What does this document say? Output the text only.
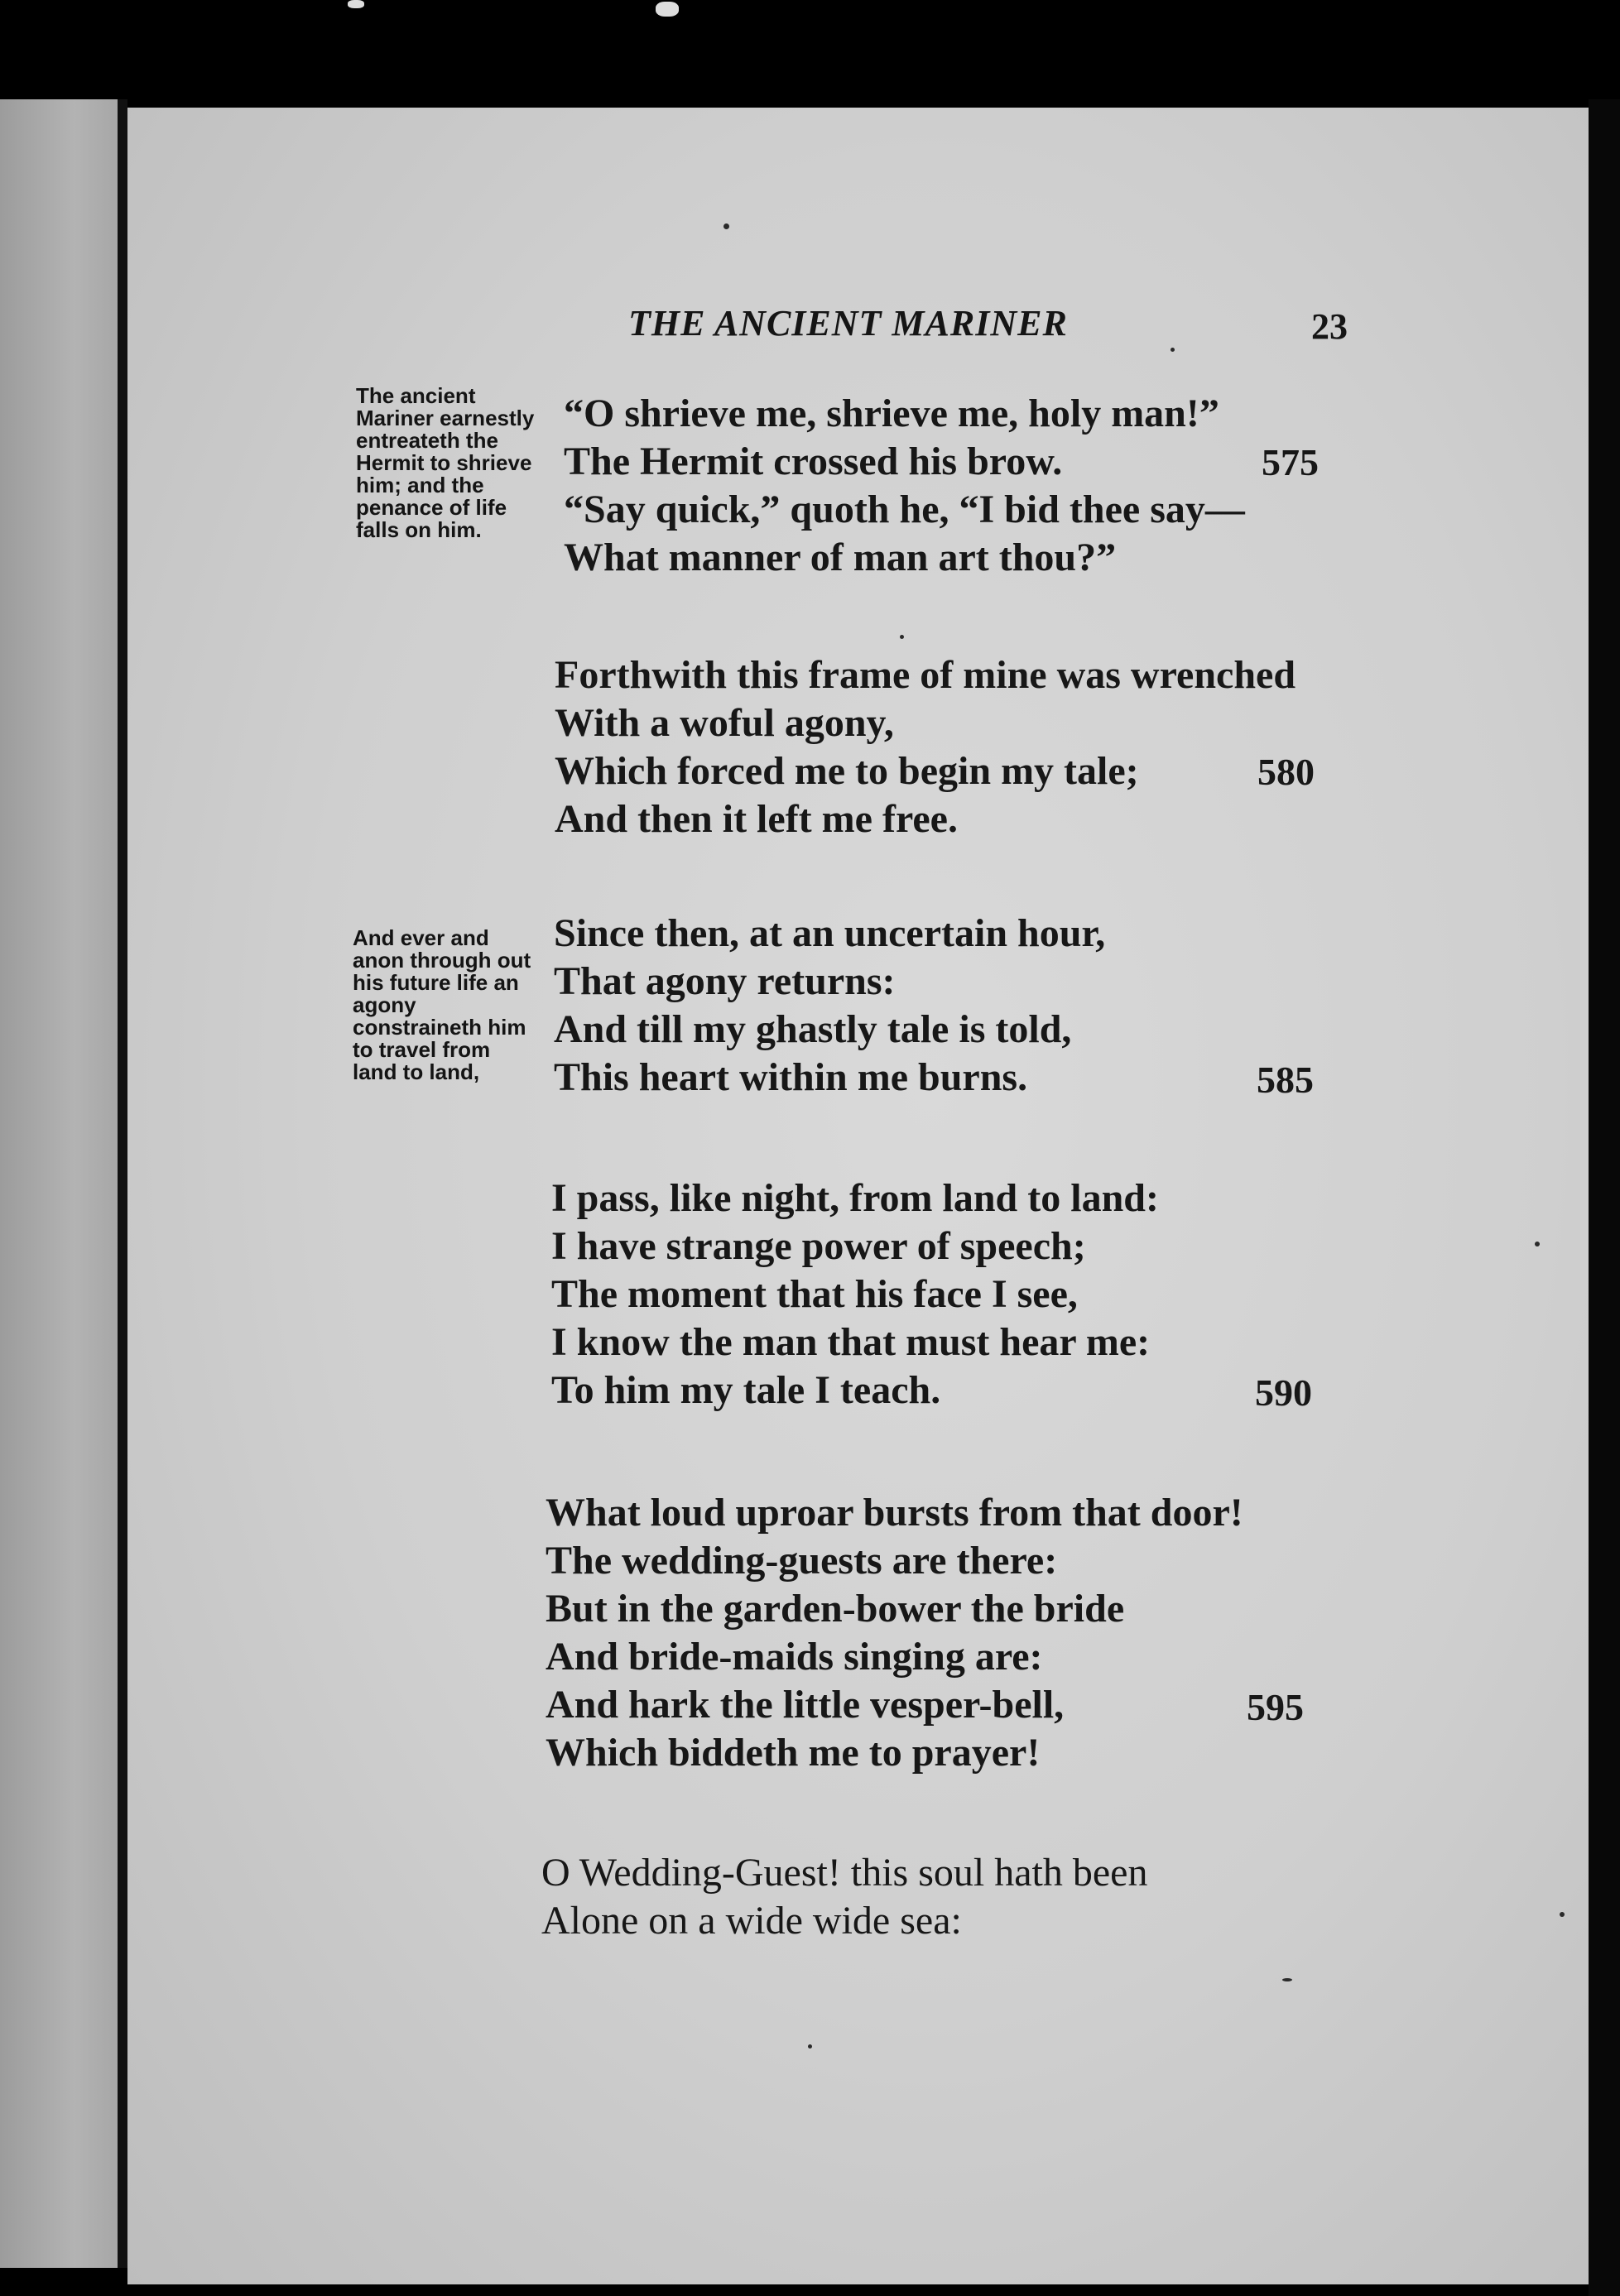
THE ANCIENT MARINER	23
The ancient Mariner earnestly entreateth the Hermit to shrieve him; and the penance of life falls on him.
And ever and anon through out his future life an agony constraineth him to travel from land to land,
“O shrieve me, shrieve me, holy man!”
The Hermit crossed his brow.
“Say quick,” quoth he, “I bid thee say—
What manner of man art thou?”
575
Forthwith this frame of mine was wrenched
With a woful agony,
Which forced me to begin my tale;
And then it left me free.
580
Since then, at an uncertain hour,
That agony returns:
And till my ghastly tale is told,
This heart within me burns.	585
I pass, like night, from land to land:
I have strange power of speech;
The moment that his face I see,
I know the man that must hear me:
To him my tale I teach.	590
What loud uproar bursts from that door!
The wedding-guests are there:
But in the garden-bower the bride
And bride-maids singing are:
And hark the little vesper-bell,
Which biddeth me to prayer!
595
O Wedding-Guest! this soul hath been
Alone on a wide wide sea:
